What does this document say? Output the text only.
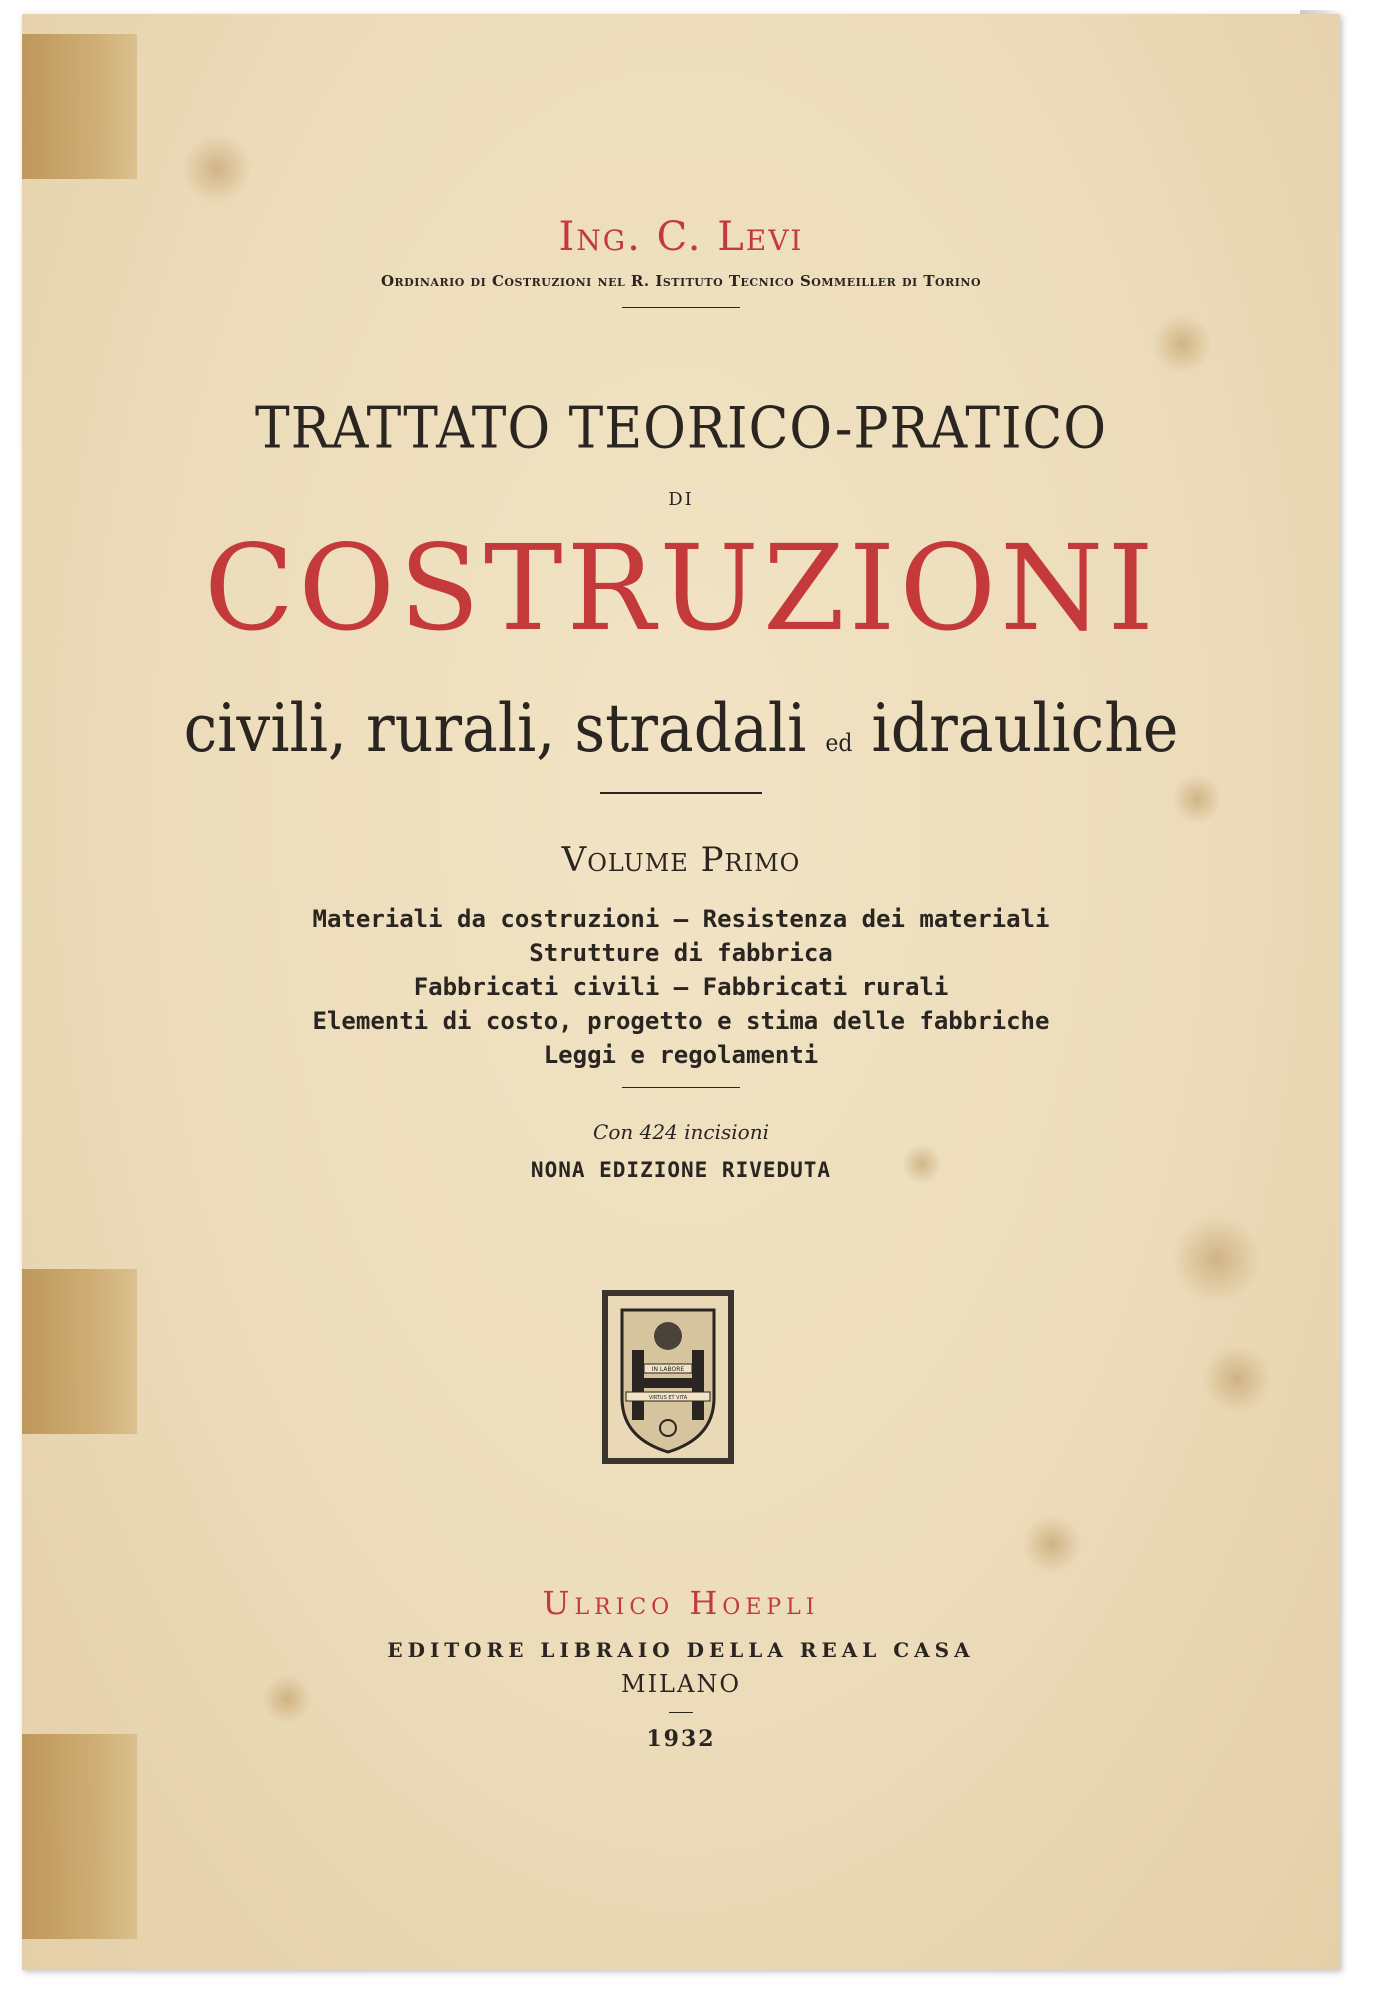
Ing. C. Levi
Ordinario di Costruzioni nel R. Istituto Tecnico Sommeiller di Torino
TRATTATO TEORICO-PRATICO
DI
COSTRUZIONI
civili, rurali, stradali ed idrauliche
Volume Primo
Materiali da costruzioni — Resistenza dei materiali
Strutture di fabbrica
Fabbricati civili — Fabbricati rurali
Elementi di costo, progetto e stima delle fabbriche
Leggi e regolamenti
Con 424 incisioni
NONA EDIZIONE RIVEDUTA
IN LABORE
VIRTUS ET VITA
Ulrico Hoepli
EDITORE LIBRAIO DELLA REAL CASA
MILANO
1932
